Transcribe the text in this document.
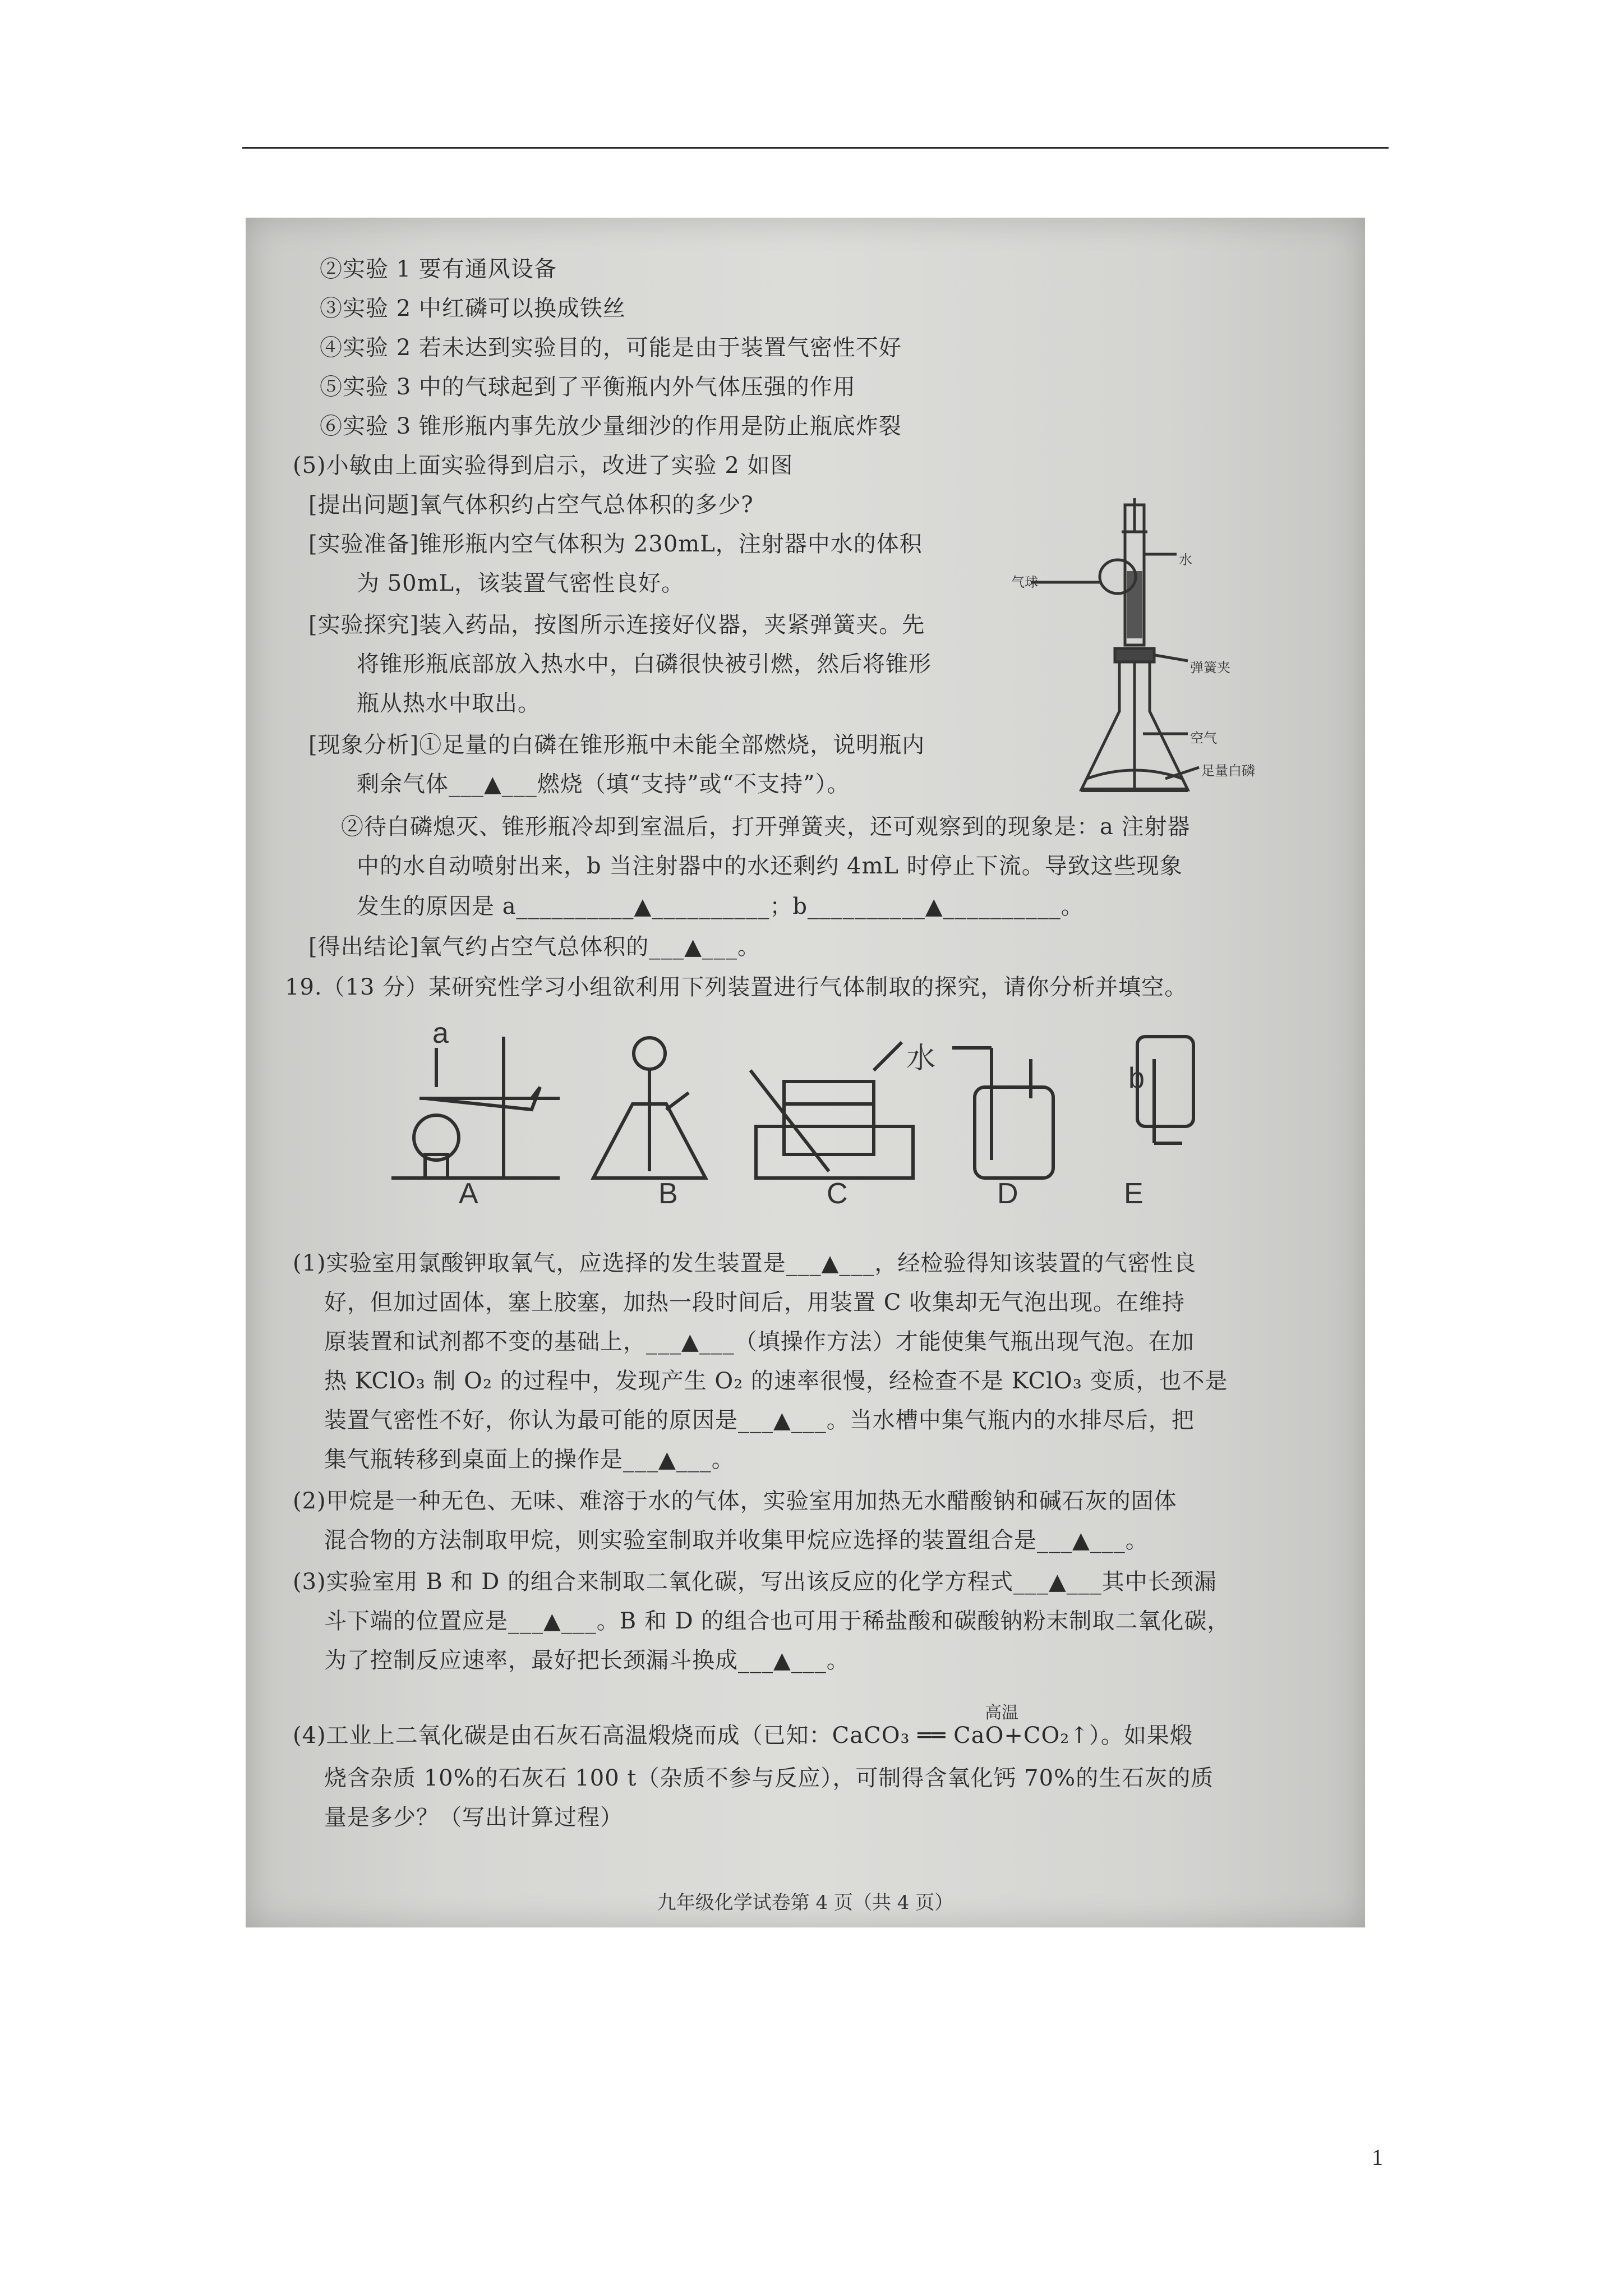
②实验 1 要有通风设备
③实验 2 中红磷可以换成铁丝
④实验 2 若未达到实验目的，可能是由于装置气密性不好
⑤实验 3 中的气球起到了平衡瓶内外气体压强的作用
⑥实验 3 锥形瓶内事先放少量细沙的作用是防止瓶底炸裂
(5)小敏由上面实验得到启示，改进了实验 2 如图
[提出问题]氧气体积约占空气总体积的多少?
[实验准备]锥形瓶内空气体积为 230mL，注射器中水的体积
为 50mL，该装置气密性良好。
[实验探究]装入药品，按图所示连接好仪器，夹紧弹簧夹。先
将锥形瓶底部放入热水中，白磷很快被引燃，然后将锥形
瓶从热水中取出。
[现象分析]①足量的白磷在锥形瓶中未能全部燃烧，说明瓶内
剩余气体___▲___燃烧（填“支持”或“不支持”）。
②待白磷熄灭、锥形瓶冷却到室温后，打开弹簧夹，还可观察到的现象是：a 注射器
中的水自动喷射出来，b 当注射器中的水还剩约 4mL 时停止下流。导致这些现象
发生的原因是 a__________▲__________；b__________▲__________。
[得出结论]氧气约占空气总体积的___▲___。
19.（13 分）某研究性学习小组欲利用下列装置进行气体制取的探究，请你分析并填空。
气球
水
弹簧夹
空气
足量白磷
a
b
水
A	B	C	D	E
(1)实验室用氯酸钾取氧气，应选择的发生装置是___▲___，经检验得知该装置的气密性良
好，但加过固体，塞上胶塞，加热一段时间后，用装置 C 收集却无气泡出现。在维持
原装置和试剂都不变的基础上，___▲___（填操作方法）才能使集气瓶出现气泡。在加
热 KClO₃ 制 O₂ 的过程中，发现产生 O₂ 的速率很慢，经检查不是 KClO₃ 变质，也不是
装置气密性不好，你认为最可能的原因是___▲___。当水槽中集气瓶内的水排尽后，把
集气瓶转移到桌面上的操作是___▲___。
(2)甲烷是一种无色、无味、难溶于水的气体，实验室用加热无水醋酸钠和碱石灰的固体
混合物的方法制取甲烷，则实验室制取并收集甲烷应选择的装置组合是___▲___。
(3)实验室用 B 和 D 的组合来制取二氧化碳，写出该反应的化学方程式___▲___其中长颈漏
斗下端的位置应是___▲___。B 和 D 的组合也可用于稀盐酸和碳酸钠粉末制取二氧化碳，
为了控制反应速率，最好把长颈漏斗换成___▲___。
高温
(4)工业上二氧化碳是由石灰石高温煅烧而成（已知：CaCO₃ ══ CaO+CO₂↑）。如果煅
烧含杂质 10%的石灰石 100 t（杂质不参与反应），可制得含氧化钙 70%的生石灰的质
量是多少？（写出计算过程）
九年级化学试卷第 4 页（共 4 页）
1
